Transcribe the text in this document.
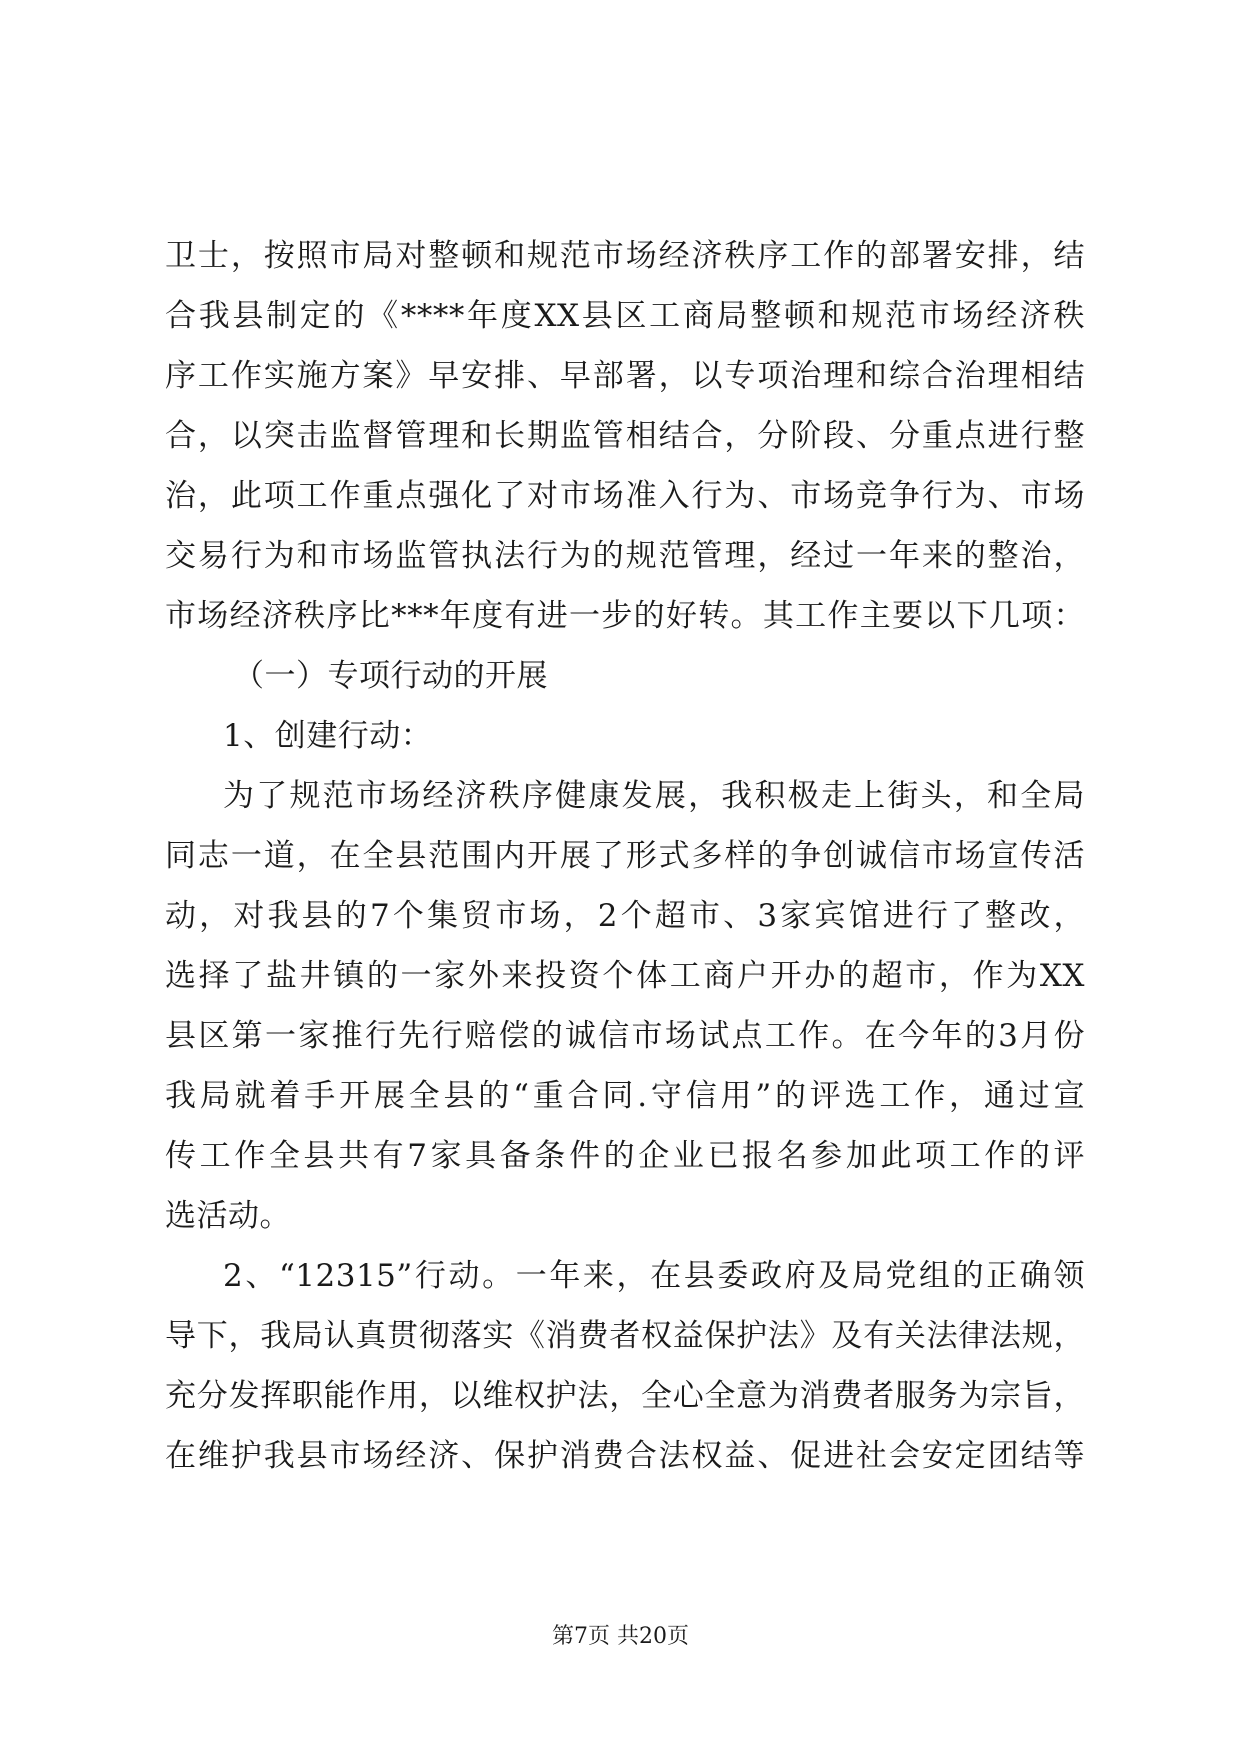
卫士，按照市局对整顿和规范市场经济秩序工作的部署安排，结
合我县制定的《****年度XX县区工商局整顿和规范市场经济秩
序工作实施方案》早安排、早部署，以专项治理和综合治理相结
合，以突击监督管理和长期监管相结合，分阶段、分重点进行整
治，此项工作重点强化了对市场准入行为、市场竞争行为、市场
交易行为和市场监管执法行为的规范管理，经过一年来的整治，
市场经济秩序比***年度有进一步的好转。其工作主要以下几项：
（一）专项行动的开展
1、创建行动：
为了规范市场经济秩序健康发展，我积极走上街头，和全局
同志一道，在全县范围内开展了形式多样的争创诚信市场宣传活
动，对我县的7个集贸市场，2个超市、3家宾馆进行了整改，
选择了盐井镇的一家外来投资个体工商户开办的超市，作为XX
县区第一家推行先行赔偿的诚信市场试点工作。在今年的3月份
我局就着手开展全县的“重合同.守信用”的评选工作，通过宣
传工作全县共有7家具备条件的企业已报名参加此项工作的评
选活动。
2、“12315”行动。一年来，在县委政府及局党组的正确领
导下，我局认真贯彻落实《消费者权益保护法》及有关法律法规，
充分发挥职能作用，以维权护法，全心全意为消费者服务为宗旨，
在维护我县市场经济、保护消费合法权益、促进社会安定团结等
第7页 共20页
